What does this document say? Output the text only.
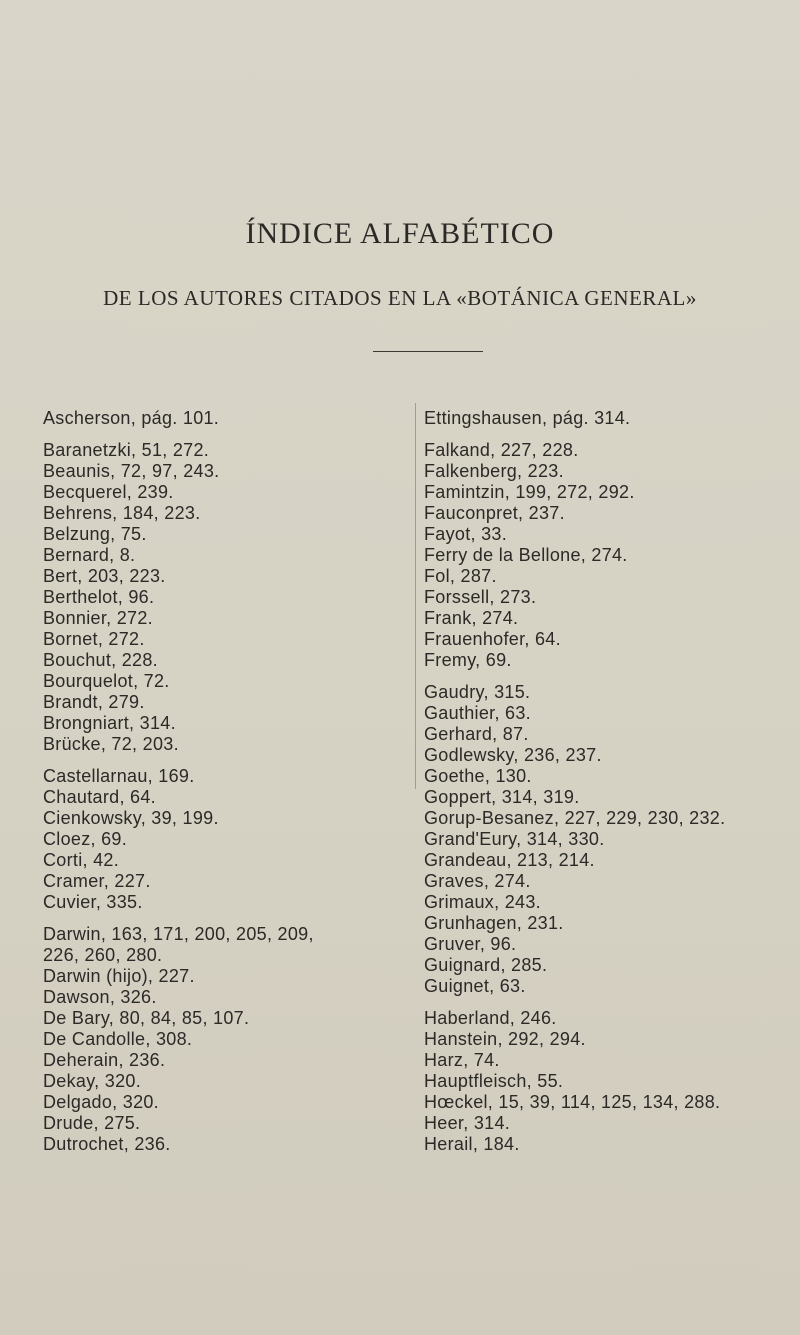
ÍNDICE ALFABÉTICO
DE LOS AUTORES CITADOS EN LA «BOTÁNICA GENERAL»
Ascherson, pág. 101.
Baranetzki, 51, 272.
Beaunis, 72, 97, 243.
Becquerel, 239.
Behrens, 184, 223.
Belzung, 75.
Bernard, 8.
Bert, 203, 223.
Berthelot, 96.
Bonnier, 272.
Bornet, 272.
Bouchut, 228.
Bourquelot, 72.
Brandt, 279.
Brongniart, 314.
Brücke, 72, 203.
Castellarnau, 169.
Chautard, 64.
Cienkowsky, 39, 199.
Cloez, 69.
Corti, 42.
Cramer, 227.
Cuvier, 335.
Darwin, 163, 171, 200, 205, 209, 226, 260, 280.
Darwin (hijo), 227.
Dawson, 326.
De Bary, 80, 84, 85, 107.
De Candolle, 308.
Deherain, 236.
Dekay, 320.
Delgado, 320.
Drude, 275.
Dutrochet, 236.
Ettingshausen, pág. 314.
Falkand, 227, 228.
Falkenberg, 223.
Famintzin, 199, 272, 292.
Fauconpret, 237.
Fayot, 33.
Ferry de la Bellone, 274.
Fol, 287.
Forssell, 273.
Frank, 274.
Frauenhofer, 64.
Fremy, 69.
Gaudry, 315.
Gauthier, 63.
Gerhard, 87.
Godlewsky, 236, 237.
Goethe, 130.
Goppert, 314, 319.
Gorup-Besanez, 227, 229, 230, 232.
Grand'Eury, 314, 330.
Grandeau, 213, 214.
Graves, 274.
Grimaux, 243.
Grunhagen, 231.
Gruver, 96.
Guignard, 285.
Guignet, 63.
Haberland, 246.
Hanstein, 292, 294.
Harz, 74.
Hauptfleisch, 55.
Hœckel, 15, 39, 114, 125, 134, 288.
Heer, 314.
Herail, 184.
